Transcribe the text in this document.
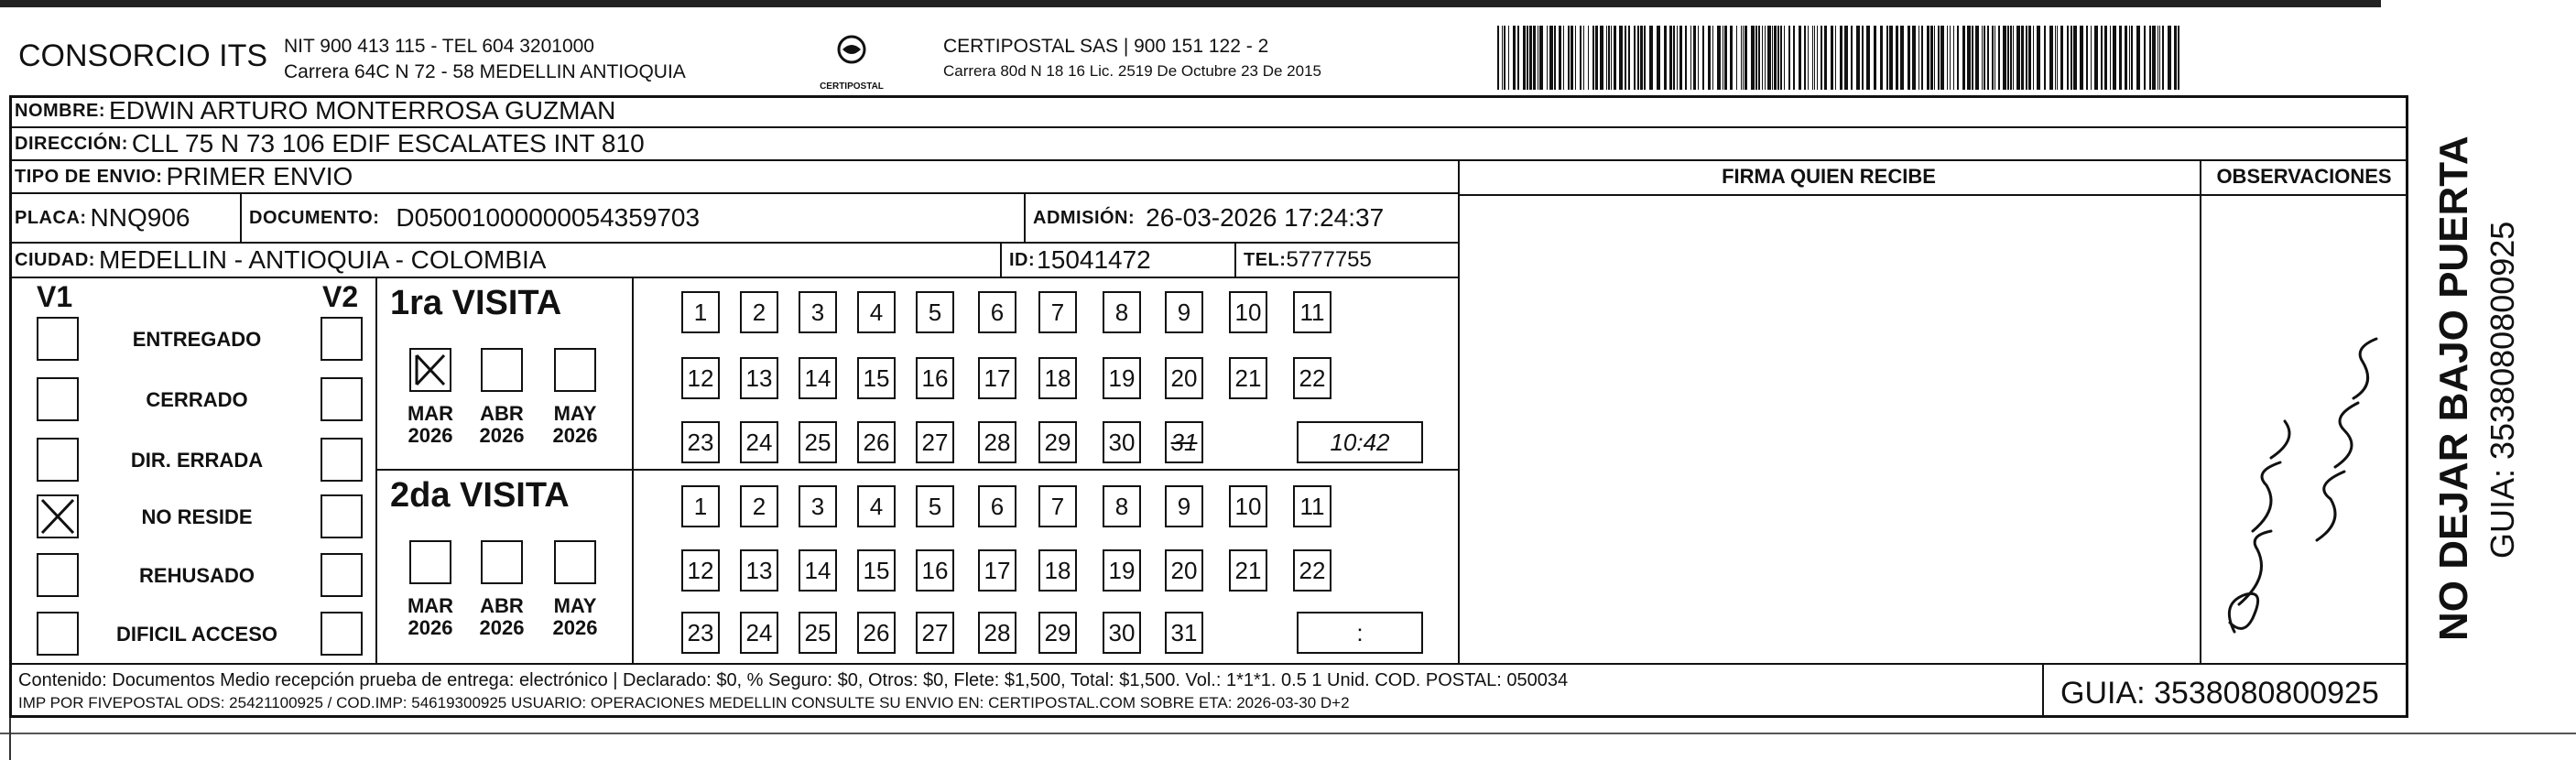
CONSORCIO ITS NIT 900 413 115 - TEL 604 3201000
Carrera 64C N 72 - 58 MEDELLIN ANTIOQUIA
CERTIPOSTAL
CERTIPOSTAL SAS | 900 151 122 - 2
Carrera 80d N 18 16 Lic. 2519 De Octubre 23 De 2015
NOMBRE: EDWIN ARTURO MONTERROSA GUZMAN
DIRECCIÓN: CLL 75 N 73 106 EDIF ESCALATES INT 810
FIRMA QUIEN RECIBE	OBSERVACIONES
TIPO DE ENVIO: PRIMER ENVIO
PLACA: NNQ906	DOCUMENTO: D05001000000054359703	ADMISIÓN: 26-03-2026 17:24:37
CIUDAD: MEDELLIN - ANTIOQUIA - COLOMBIA	ID: 15041472	TEL: 5777755
V1	V2
ENTREGADO
CERRADO
DIR. ERRADA
NO RESIDE
REHUSADO
DIFICIL ACCESO
1ra VISITA
2da VISITA
MAR
2026
ABR
2026
MAY
2026
MAR
2026
ABR
2026
MAY
2026
1	2	3	4	5	6	7	8	9	10 11
12 13 14 15 16 17 18 19 20 21 22
23 24 25 26 27 28 29 30 31	10:42
1	2	3	4	5	6	7	8	9	10 11
12 13 14 15 16 17 18 19 20 21 22
23 24 25 26 27 28 29 30 31	:	NO DEJAR BAJO PUERTA GUIA: 3538080800925
Contenido: Documentos Medio recepción prueba de entrega: electrónico | Declarado: $0, % Seguro: $0, Otros: $0, Flete: $1,500, Total: $1,500. Vol.: 1*1*1. 0.5 1 Unid. COD. POSTAL: 050034
IMP POR FIVEPOSTAL ODS: 25421100925 / COD.IMP: 54619300925 USUARIO: OPERACIONES MEDELLIN CONSULTE SU ENVIO EN: CERTIPOSTAL.COM SOBRE ETA: 2026-03-30 D+2	GUIA: 3538080800925
